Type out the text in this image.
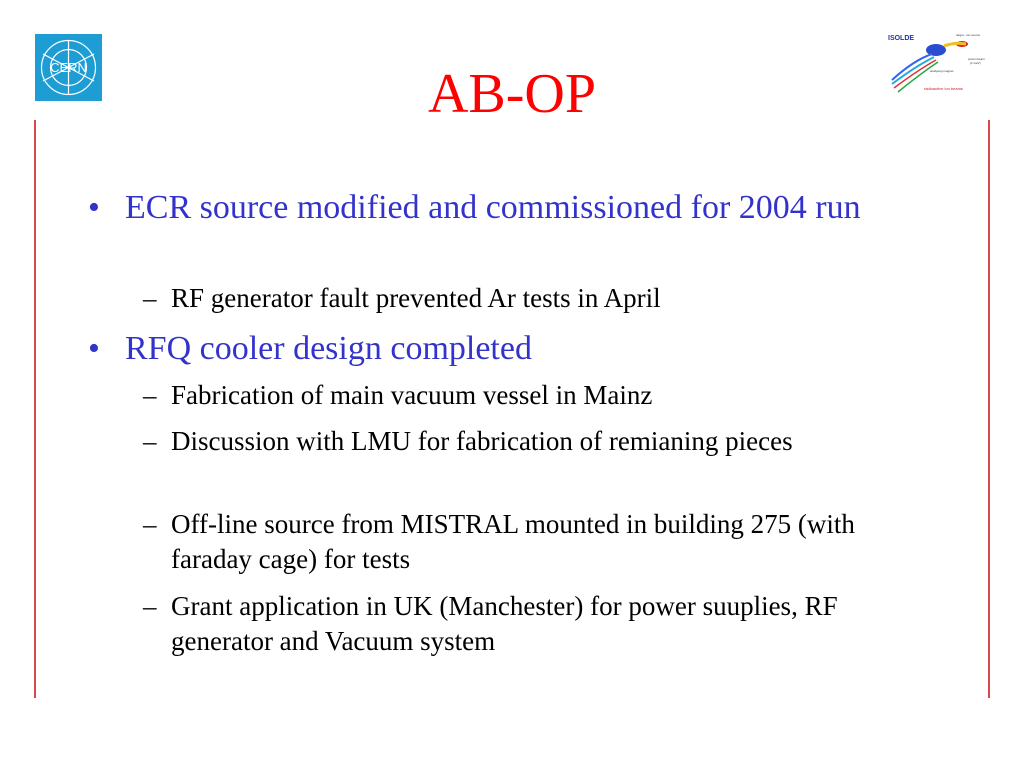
CERN
ISOLDE	target - ion source
proton beam
(1 GeV)
analysing magnet
radioactive ion beams
AB-OP
• ECR source modified and commissioned for 2004 run
– RF generator fault prevented Ar tests in April
• RFQ cooler design completed
– Fabrication of main vacuum vessel in Mainz
– Discussion with LMU for fabrication of remianing pieces
– Off-line source from MISTRAL mounted in building 275 (with faraday cage) for tests
– Grant application in UK (Manchester) for power suuplies, RF generator and Vacuum system
